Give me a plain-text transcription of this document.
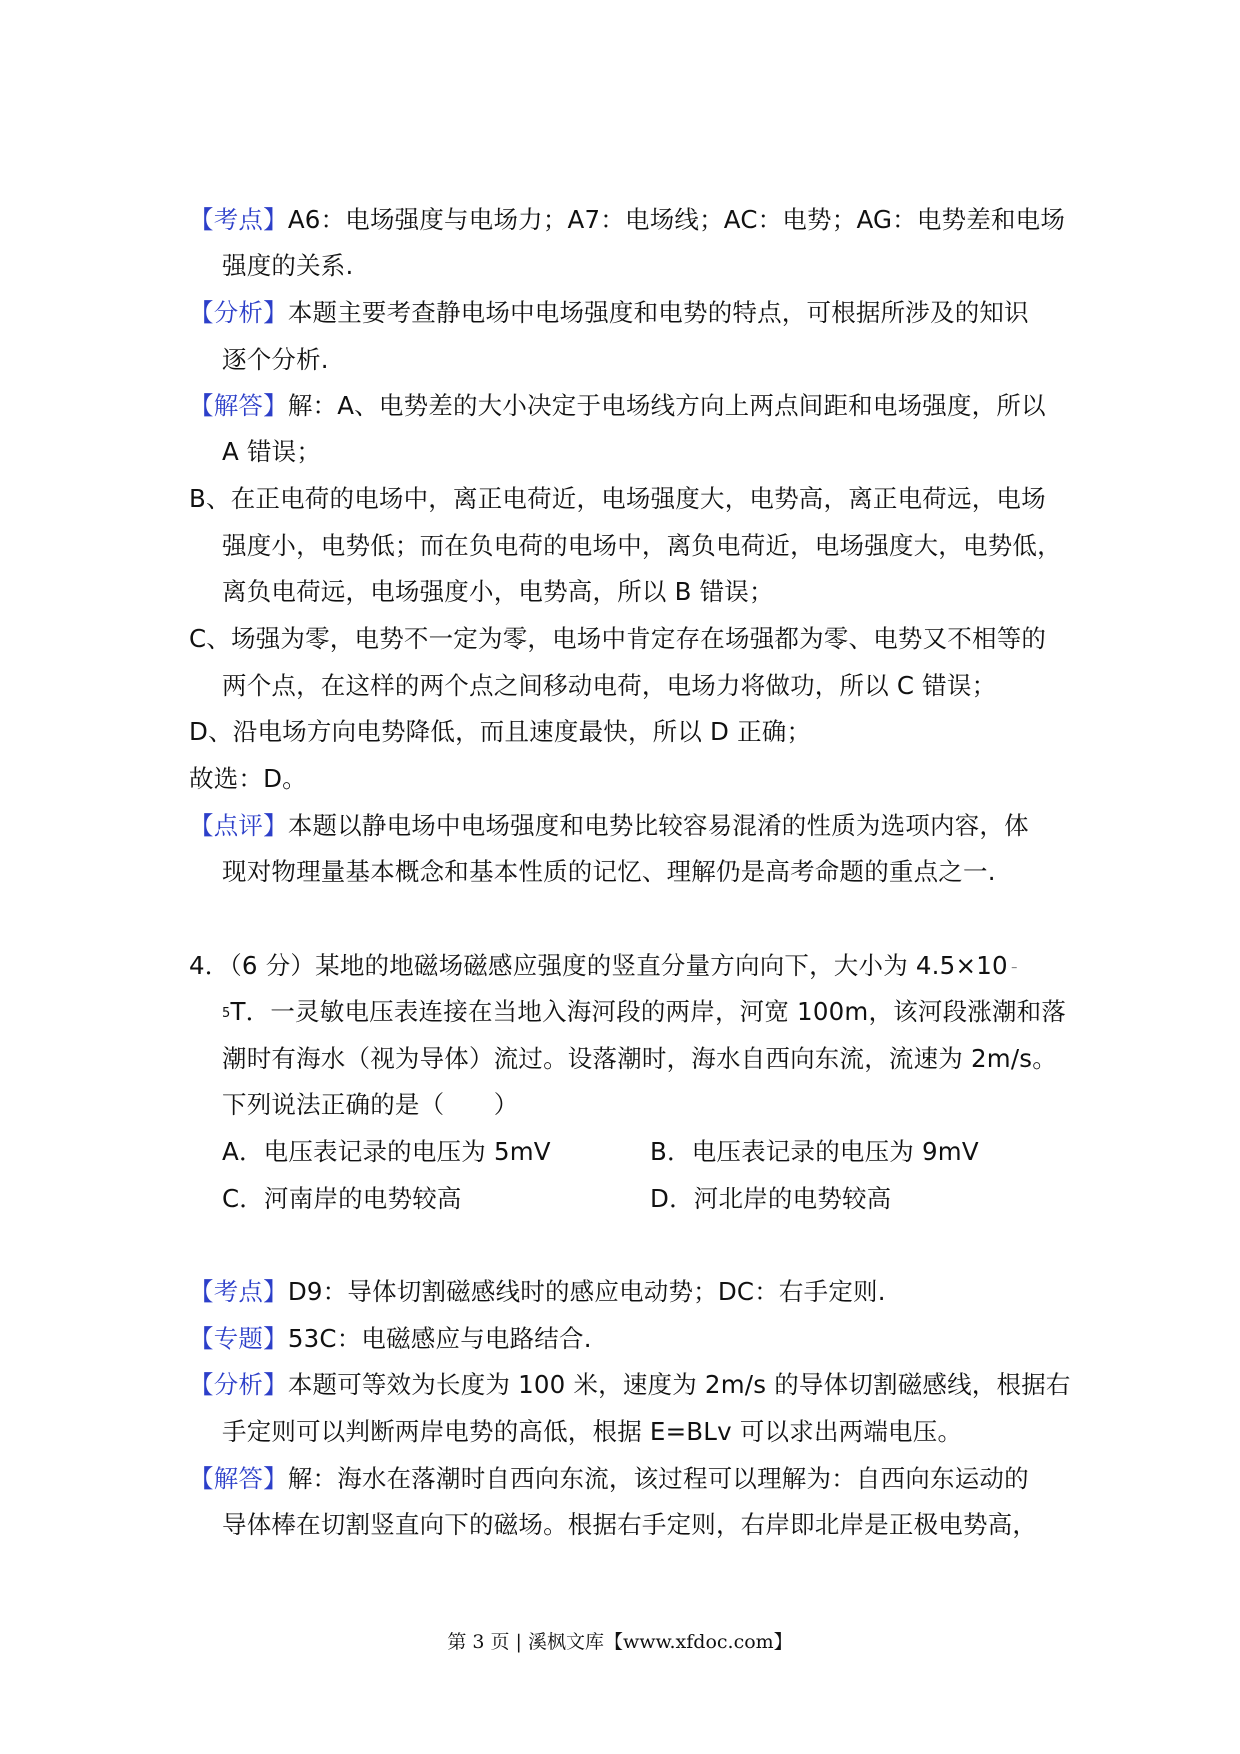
【考点】A6：电场强度与电场力；A7：电场线；AC：电势；AG：电势差和电场
强度的关系.
【分析】本题主要考查静电场中电场强度和电势的特点，可根据所涉及的知识
逐个分析.
【解答】解：A、电势差的大小决定于电场线方向上两点间距和电场强度，所以
A 错误；
B、在正电荷的电场中，离正电荷近，电场强度大，电势高，离正电荷远，电场
强度小，电势低；而在负电荷的电场中，离负电荷近，电场强度大，电势低，
离负电荷远，电场强度小，电势高，所以 B 错误；
C、场强为零，电势不一定为零，电场中肯定存在场强都为零、电势又不相等的
两个点，在这样的两个点之间移动电荷，电场力将做功，所以 C 错误；
D、沿电场方向电势降低，而且速度最快，所以 D 正确；
故选：D。
【点评】本题以静电场中电场强度和电势比较容易混淆的性质为选项内容，体
现对物理量基本概念和基本性质的记忆、理解仍是高考命题的重点之一.
4．（6 分）某地的地磁场磁感应强度的竖直分量方向向下，大小为 4.5×10﹣
$^5$T．一灵敏电压表连接在当地入海河段的两岸，河宽 100m，该河段涨潮和落
潮时有海水（视为导体）流过。设落潮时，海水自西向东流，流速为 2m/s。
下列说法正确的是（　　）
A．电压表记录的电压为 5mV	B．电压表记录的电压为 9mV
C．河南岸的电势较高	D．河北岸的电势较高
【考点】D9：导体切割磁感线时的感应电动势；DC：右手定则.
【专题】53C：电磁感应与电路结合.
【分析】本题可等效为长度为 100 米，速度为 2m/s 的导体切割磁感线，根据右
手定则可以判断两岸电势的高低，根据 E=BLv 可以求出两端电压。
【解答】解：海水在落潮时自西向东流，该过程可以理解为：自西向东运动的
导体棒在切割竖直向下的磁场。根据右手定则，右岸即北岸是正极电势高，
第 3 页 | 溪枫文库【www.xfdoc.com】
